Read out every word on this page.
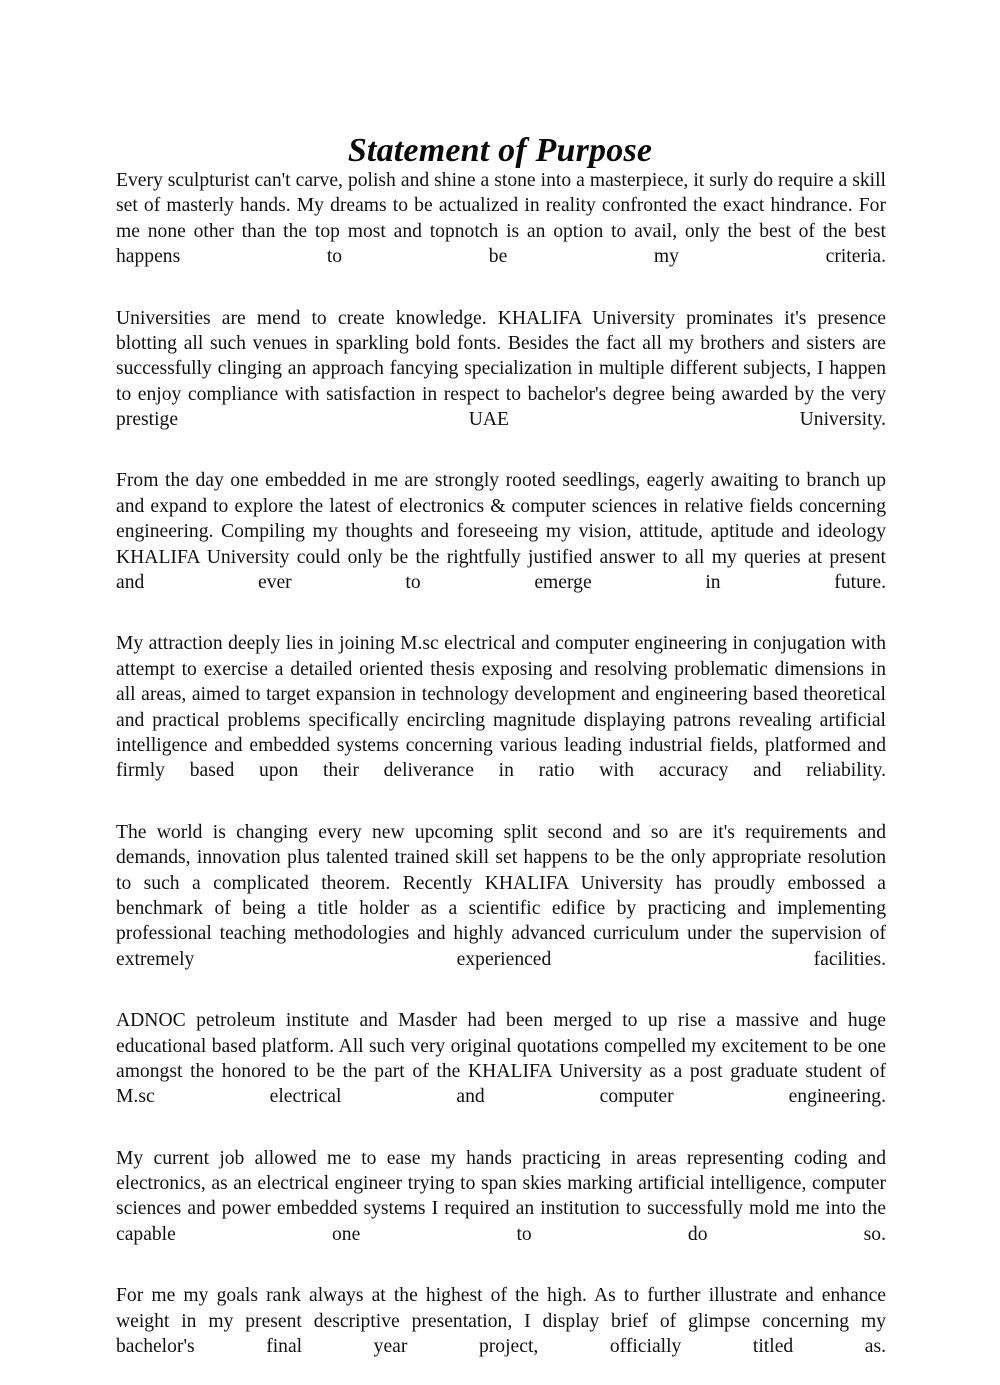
Statement of Purpose

Every sculpturist can't carve, polish and shine a stone into a masterpiece, it surly do require a skill set of masterly hands. My dreams to be actualized in reality confronted the exact hindrance. For me none other than the top most and topnotch is an option to avail, only the best of the best happens to be my criteria.

Universities are mend to create knowledge. KHALIFA University prominates it's presence blotting all such venues in sparkling bold fonts. Besides the fact all my brothers and sisters are successfully clinging an approach fancying specialization in multiple different subjects, I happen to enjoy compliance with satisfaction in respect to bachelor's degree being awarded by the very prestige UAE University.

From the day one embedded in me are strongly rooted seedlings, eagerly awaiting to branch up and expand to explore the latest of electronics & computer sciences in relative fields concerning engineering. Compiling my thoughts and foreseeing my vision, attitude, aptitude and ideology KHALIFA University could only be the rightfully justified answer to all my queries at present and ever to emerge in future.

My attraction deeply lies in joining M.sc electrical and computer engineering in conjugation with attempt to exercise a detailed oriented thesis exposing and resolving problematic dimensions in all areas, aimed to target expansion in technology development and engineering based theoretical and practical problems specifically encircling magnitude displaying patrons revealing artificial intelligence and embedded systems concerning various leading industrial fields, platformed and firmly based upon their deliverance in ratio with accuracy and reliability.

The world is changing every new upcoming split second and so are it's requirements and demands, innovation plus talented trained skill set happens to be the only appropriate resolution to such a complicated theorem. Recently KHALIFA University has proudly embossed a benchmark of being a title holder as a scientific edifice by practicing and implementing professional teaching methodologies and highly advanced curriculum under the supervision of extremely experienced facilities.

ADNOC petroleum institute and Masder had been merged to up rise a massive and huge educational based platform. All such very original quotations compelled my excitement to be one amongst the honored to be the part of the KHALIFA University as a post graduate student of M.sc electrical and computer engineering.

My current job allowed me to ease my hands practicing in areas representing coding and electronics, as an electrical engineer trying to span skies marking artificial intelligence, computer sciences and power embedded systems I required an institution to successfully mold me into the capable one to do so.

For me my goals rank always at the highest of the high. As to further illustrate and enhance weight in my present descriptive presentation, I display brief of glimpse concerning my bachelor's final year project, officially titled as.
